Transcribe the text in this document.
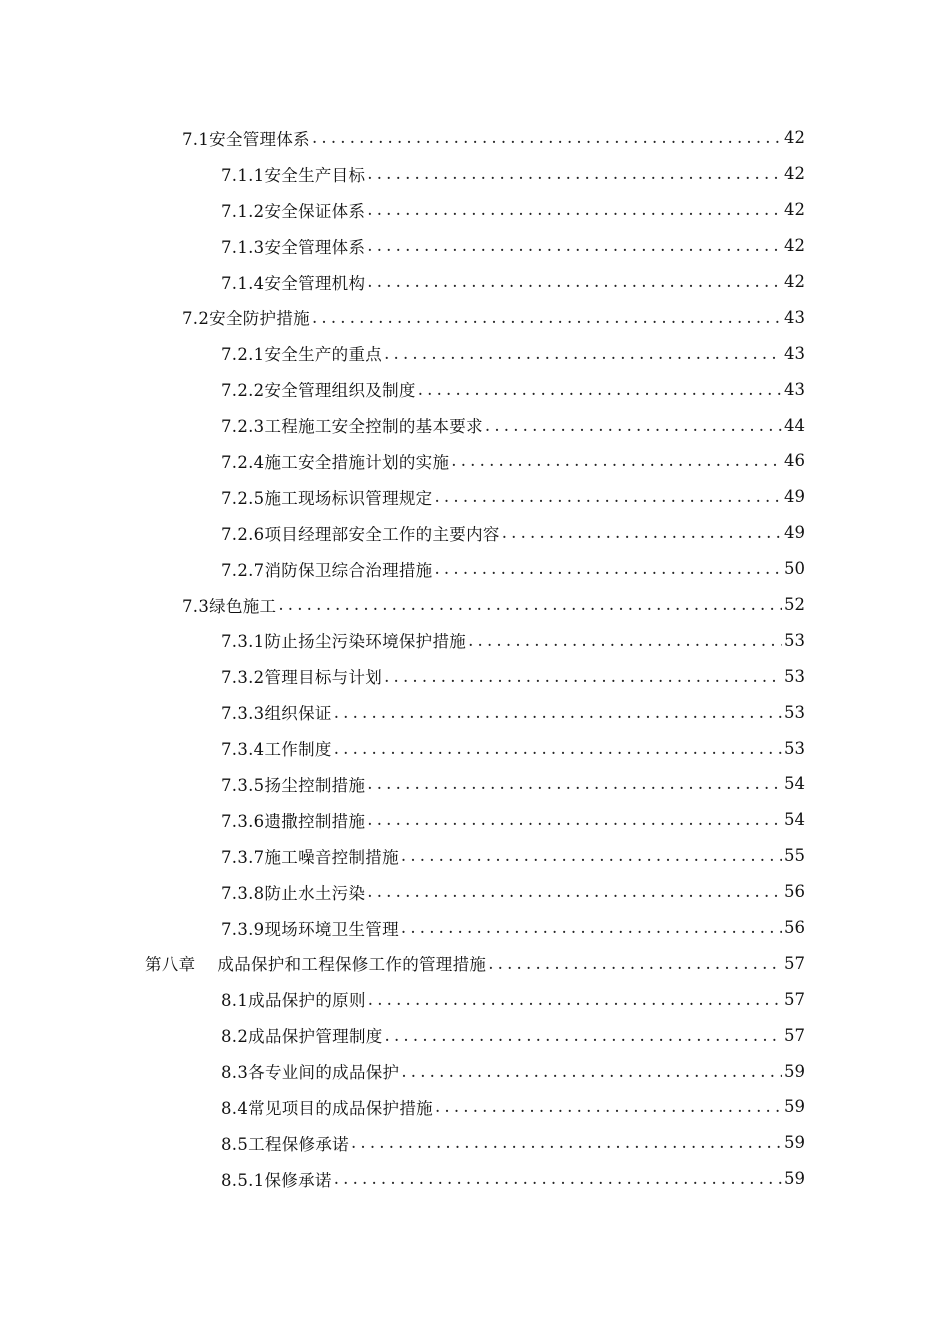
7.1安全管理体系 .....	42
7.1.1安全生产目标 .....	42
7.1.2安全保证体系 .....	42
7.1.3安全管理体系 .....	42
7.1.4安全管理机构 .....	42
7.2安全防护措施 .....	43
7.2.1安全生产的重点 .....	43
7.2.2安全管理组织及制度 .....	43
7.2.3工程施工安全控制的基本要求 .....	44
7.2.4施工安全措施计划的实施 .....	46
7.2.5施工现场标识管理规定 .....	49
7.2.6项目经理部安全工作的主要内容 .....	49
7.2.7消防保卫综合治理措施 .....	50
7.3绿色施工 .....	52
7.3.1防止扬尘污染环境保护措施 .....	53
7.3.2管理目标与计划 .....	53
7.3.3组织保证 .....	53
7.3.4工作制度 .....	53
7.3.5扬尘控制措施 .....	54
7.3.6遗撒控制措施 .....	54
7.3.7施工噪音控制措施 .....	55
7.3.8防止水土污染 .....	56
7.3.9现场环境卫生管理 .....	56
第八章 成品保护和工程保修工作的管理措施 .....	57
8.1成品保护的原则 .....	57
8.2成品保护管理制度 .....	57
8.3各专业间的成品保护 .....	59
8.4常见项目的成品保护措施 .....	59
8.5工程保修承诺 .....	59
8.5.1保修承诺 .....	59
